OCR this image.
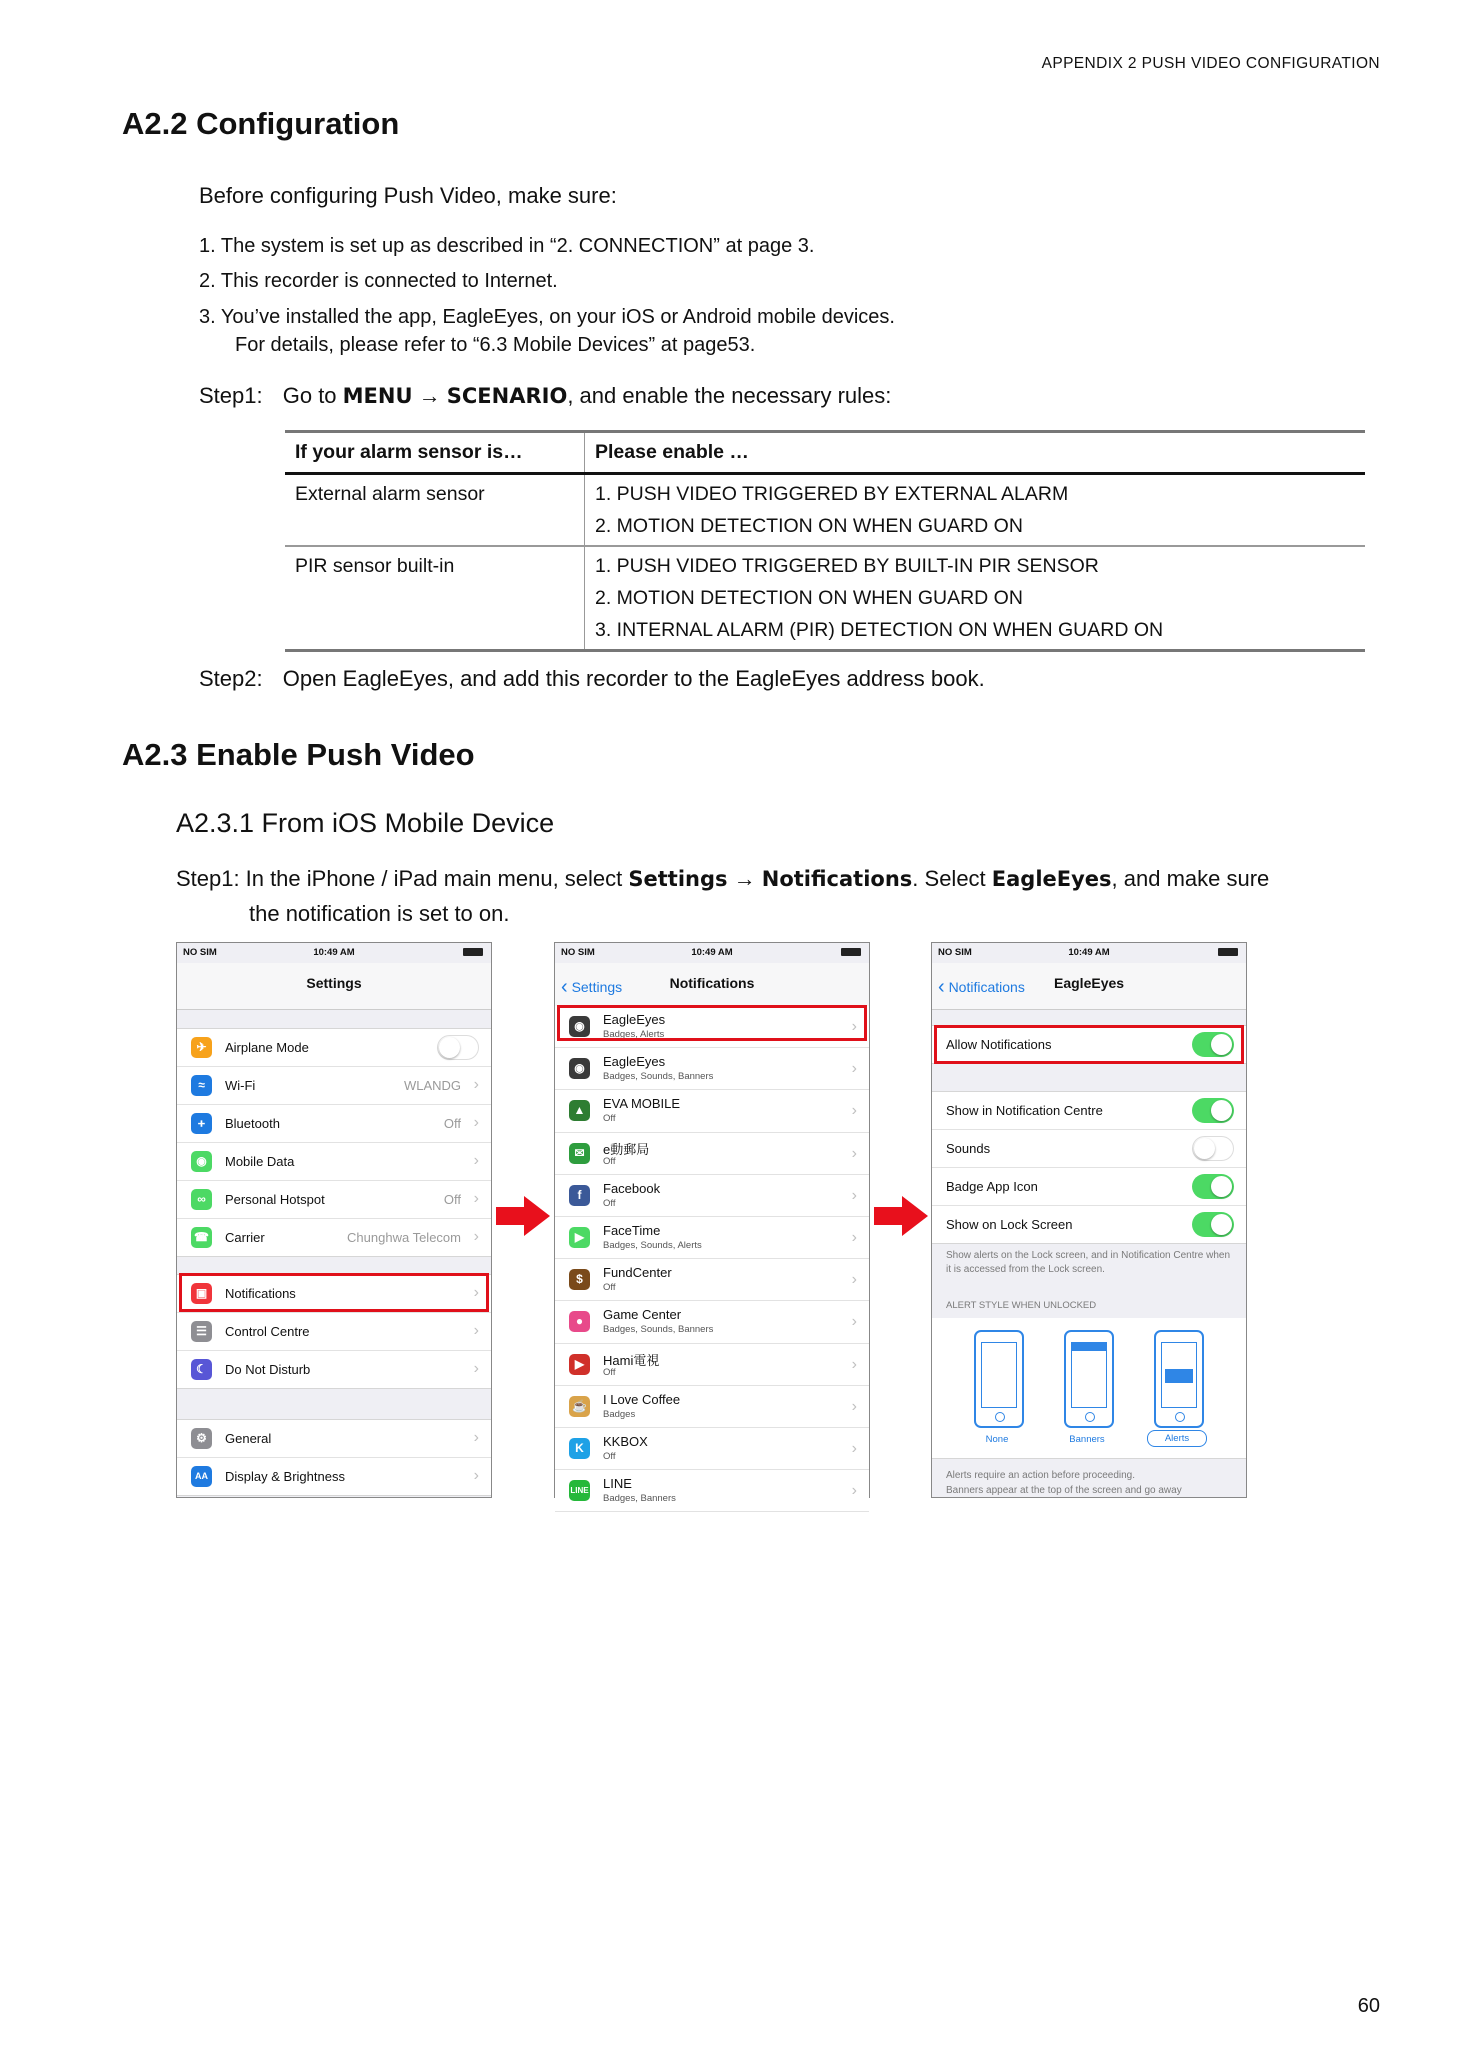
APPENDIX 2 PUSH VIDEO CONFIGURATION
A2.2 Configuration
Before configuring Push Video, make sure:
1. The system is set up as described in “2. CONNECTION” at page 3.
2. This recorder is connected to Internet.
3. You’ve installed the app, EagleEyes, on your iOS or Android mobile devices.
For details, please refer to “6.3 Mobile Devices” at page53.
Step1: Go to MENU → SCENARIO, and enable the necessary rules:
If your alarm sensor is…	Please enable …

External alarm sensor	1. PUSH VIDEO TRIGGERED BY EXTERNAL ALARM
2. MOTION DETECTION ON WHEN GUARD ON

PIR sensor built-in	1. PUSH VIDEO TRIGGERED BY BUILT-IN PIR SENSOR
2. MOTION DETECTION ON WHEN GUARD ON
3. INTERNAL ALARM (PIR) DETECTION ON WHEN GUARD ON
Step2: Open EagleEyes, and add this recorder to the EagleEyes address book.
A2.3 Enable Push Video
A2.3.1 From iOS Mobile Device
Step1: In the iPhone / iPad main menu, select Settings → Notifications. Select EagleEyes, and make sure
the notification is set to on.
NO SIM	10:49 AM
Settings
✈	Airplane Mode
≈	Wi-Fi	WLANDG ›
ᚐ	Bluetooth	Off ›
◉	Mobile Data	›
∞	Personal Hotspot	Off ›
☎ Carrier	Chunghwa Telecom ›
▣	Notifications	›
☰	Control Centre	›
☾	Do Not Disturb	›
⚙	General	›
AA	Display & Brightness	›
NO SIM	10:49 AM
‹ Settings	Notifications
◉	EagleEyes
Badges, Alerts	›
◉	EagleEyes
Badges, Sounds, Banners	›
▲	EVA MOBILE
Off	›
✉	e動郵局
Off	›
f	Facebook
Off	›
▶	FaceTime
Badges, Sounds, Alerts	›
$	FundCenter
Off	›
●	Game Center
Badges, Sounds, Banners	›
▶	Hami電視
Off	›
☕ I Love Coffee
Badges	›
K	KKBOX
Off	›
LINE LINE
Badges, Banners	›
NO SIM	10:49 AM
‹ Notifications EagleEyes
Allow Notifications
Show in Notification Centre
Sounds
Badge App Icon
Show on Lock Screen
Show alerts on the Lock screen, and in Notification Centre when it is accessed from the Lock screen.
ALERT STYLE WHEN UNLOCKED
None	Banners	Alerts
Alerts require an action before proceeding.
Banners appear at the top of the screen and go away
60
